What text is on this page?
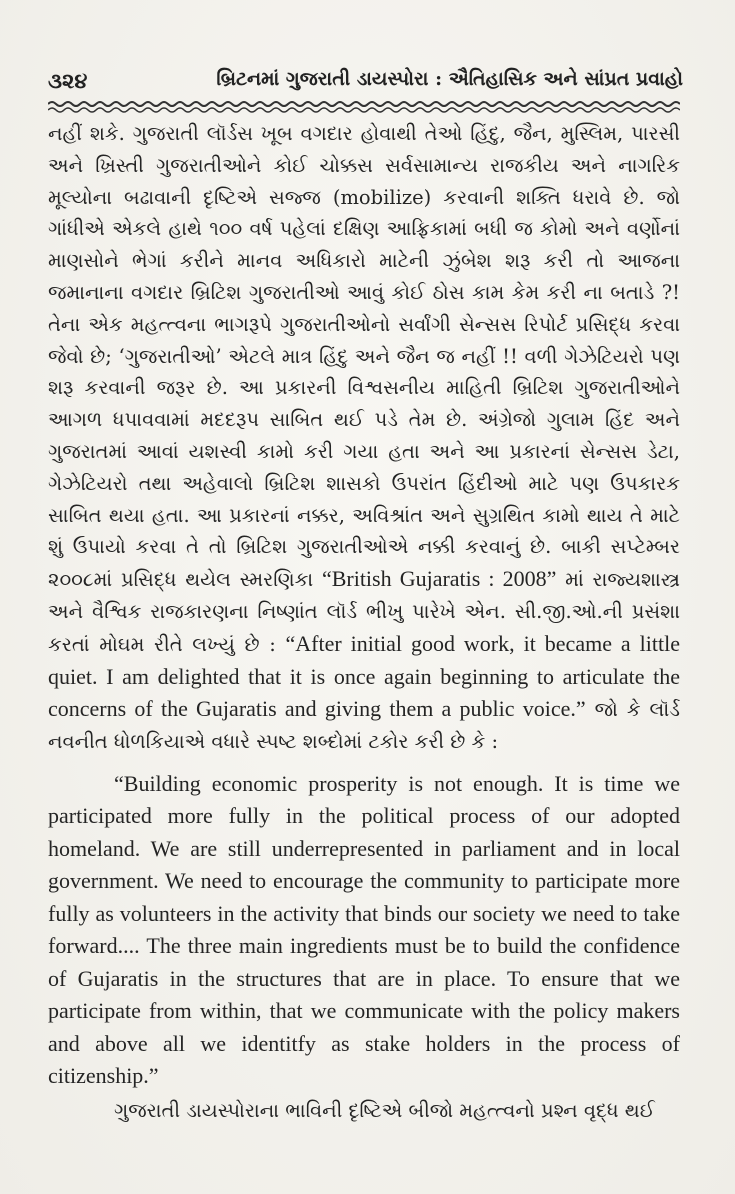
૩૨૪	બ્રિટનમાં ગુજરાતી ડાયસ્પોરા : ઐતિહાસિક અને સાંપ્રત પ્રવાહો

નહીં શકે. ગુજરાતી લૉર્ડસ ખૂબ વગદાર હોવાથી તેઓ હિંદુ, જૈન, મુસ્લિમ, પારસી અને ખ્રિસ્તી ગુજરાતીઓને કોઈ ચોક્કસ સર્વસામાન્ય રાજકીય અને નાગરિક મૂલ્યોના બઢાવાની દૃષ્ટિએ સજ્જ (mobilize) કરવાની શક્તિ ધરાવે છે. જો ગાંધીએ એકલે હાથે ૧૦૦ વર્ષ પહેલાં દક્ષિણ આફ્રિકામાં બધી જ કોમો અને વર્ણોનાં માણસોને ભેગાં કરીને માનવ અધિકારો માટેની ઝુંબેશ શરૂ કરી તો આજના જમાનાના વગદાર બ્રિટિશ ગુજરાતીઓ આવું કોઈ ઠોસ કામ કેમ કરી ના બતાડે ?! તેના એક મહત્ત્વના ભાગરૂપે ગુજરાતીઓનો સર્વાંગી સેન્સસ રિપોર્ટ પ્રસિદ્ધ કરવા જેવો છે; ‘ગુજરાતીઓ’ એટલે માત્ર હિંદુ અને જૈન જ નહીં !! વળી ગેઝેટિયરો પણ શરૂ કરવાની જરૂર છે. આ પ્રકારની વિશ્વસનીય માહિતી બ્રિટિશ ગુજરાતીઓને આગળ ધપાવવામાં મદદરૂપ સાબિત થઈ પડે તેમ છે. અંગ્રેજો ગુલામ હિંદ અને ગુજરાતમાં આવાં યશસ્વી કામો કરી ગયા હતા અને આ પ્રકારનાં સેન્સસ ડેટા, ગેઝેટિયરો તથા અહેવાલો બ્રિટિશ શાસકો ઉપરાંત હિંદીઓ માટે પણ ઉપકારક સાબિત થયા હતા. આ પ્રકારનાં નક્કર, અવિશ્રાંત અને સુગ્રથિત કામો થાય તે માટે શું ઉપાયો કરવા તે તો બ્રિટિશ ગુજરાતીઓએ નક્કી કરવાનું છે. બાકી સપ્ટેમ્બર ૨૦૦૮માં પ્રસિદ્ધ થયેલ સ્મરણિકા “British Gujaratis : 2008” માં રાજ્યશાસ્ત્ર અને વૈશ્વિક રાજકારણના નિષ્ણાંત લૉર્ડ ભીખુ પારેખે એન. સી.જી.ઓ.ની પ્રસંશા કરતાં મોઘમ રીતે લખ્યું છે : “After initial good work, it became a little quiet. I am delighted that it is once again beginning to articulate the concerns of the Gujaratis and giving them a public voice.” જો કે લૉર્ડ નવનીત ધોળકિયાએ વધારે સ્પષ્ટ શબ્દોમાં ટકોર કરી છે કે :

“Building economic prosperity is not enough. It is time we participated more fully in the political process of our adopted homeland. We are still underrepresented in parliament and in local government. We need to encourage the community to participate more fully as volunteers in the activity that binds our society we need to take forward.... The three main ingredients must be to build the confidence of Gujaratis in the structures that are in place. To ensure that we participate from within, that we communicate with the policy makers and above all we identitfy as stake holders in the process of citizenship.”

ગુજરાતી ડાયસ્પોરાના ભાવિની દૃષ્ટિએ બીજો મહત્ત્વનો પ્રશ્ન વૃદ્ધ થઈ
